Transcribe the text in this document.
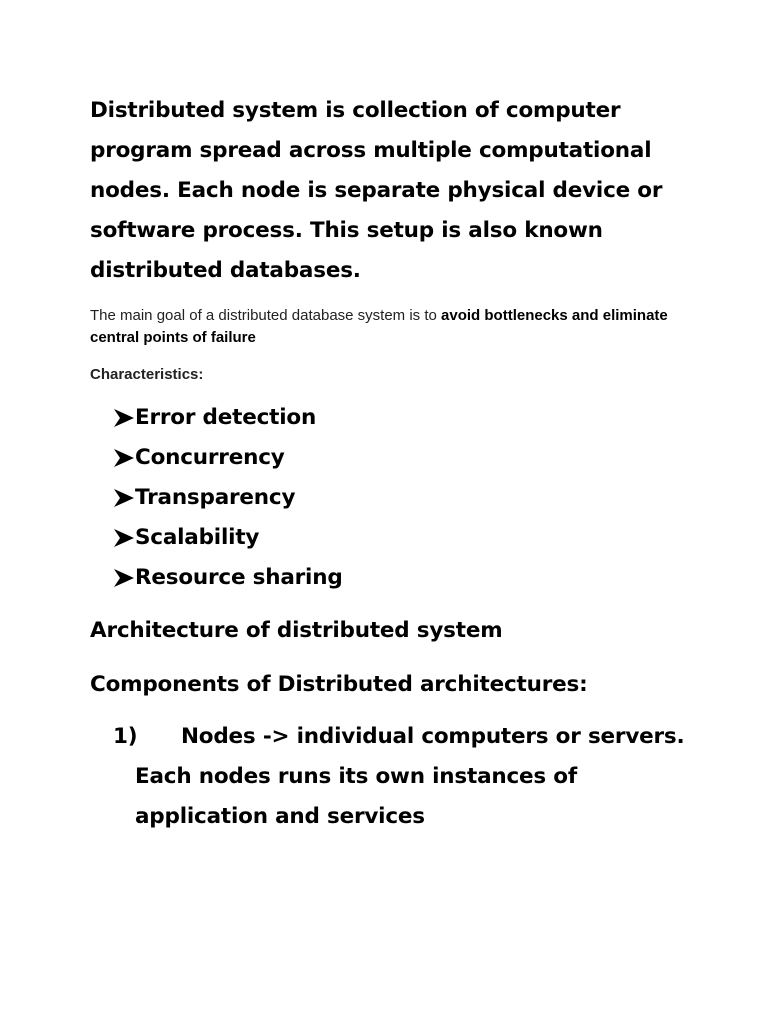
Distributed system is collection of computer program spread across multiple computational nodes. Each node is separate physical device or software process. This setup is also known distributed databases.

The main goal of a distributed database system is to avoid bottlenecks and eliminate central points of failure

Characteristics:

Error detection
Concurrency
Transparency
Scalability
Resource sharing
Architecture of distributed system
Components of Distributed architectures:
1) Nodes -> individual computers or servers.
Each nodes runs its own instances of application and services
